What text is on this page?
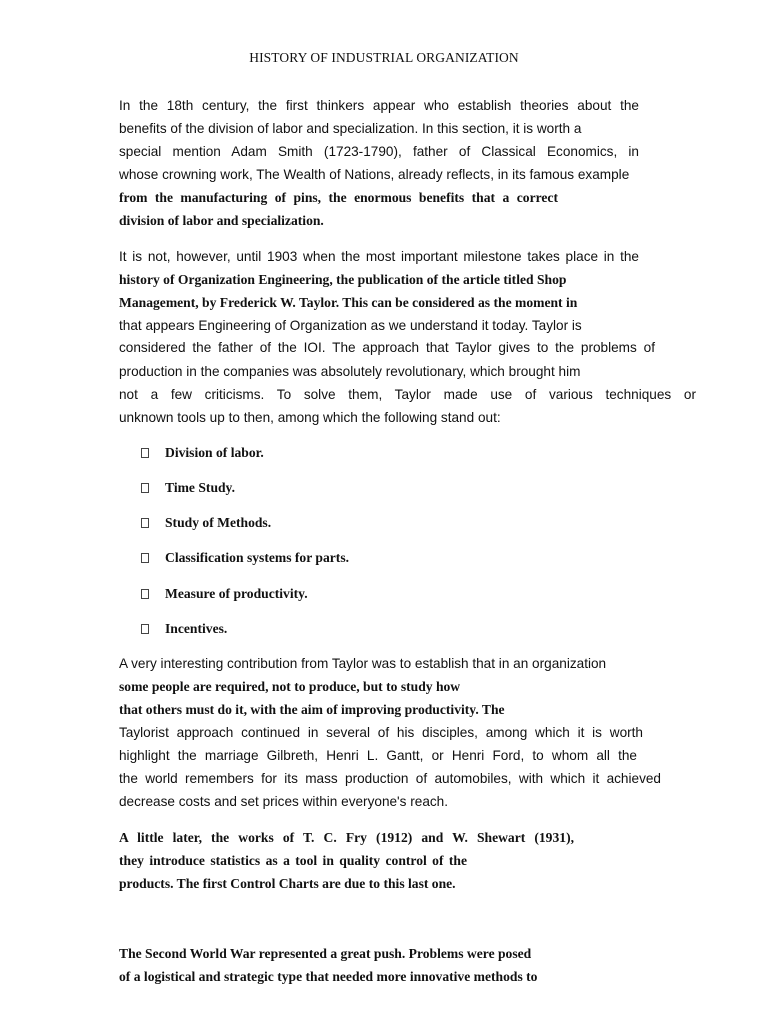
HISTORY OF INDUSTRIAL ORGANIZATION
In the 18th century, the first thinkers appear who establish theories about the
benefits of the division of labor and specialization. In this section, it is worth a
special mention Adam Smith (1723-1790), father of Classical Economics, in
whose crowning work, The Wealth of Nations, already reflects, in its famous example
from the manufacturing of pins, the enormous benefits that a correct
division of labor and specialization.
It is not, however, until 1903 when the most important milestone takes place in the
history of Organization Engineering, the publication of the article titled Shop
Management, by Frederick W. Taylor. This can be considered as the moment in
that appears Engineering of Organization as we understand it today. Taylor is
considered the father of the IOI. The approach that Taylor gives to the problems of
production in the companies was absolutely revolutionary, which brought him
not a few criticisms. To solve them, Taylor made use of various techniques or
unknown tools up to then, among which the following stand out:
Division of labor.
Time Study.
Study of Methods.
Classification systems for parts.
Measure of productivity.
Incentives.
A very interesting contribution from Taylor was to establish that in an organization
some people are required, not to produce, but to study how
that others must do it, with the aim of improving productivity. The
Taylorist approach continued in several of his disciples, among which it is worth
highlight the marriage Gilbreth, Henri L. Gantt, or Henri Ford, to whom all the
the world remembers for its mass production of automobiles, with which it achieved
decrease costs and set prices within everyone's reach.
A little later, the works of T. C. Fry (1912) and W. Shewart (1931),
they introduce statistics as a tool in quality control of the
products. The first Control Charts are due to this last one.
The Second World War represented a great push. Problems were posed
of a logistical and strategic type that needed more innovative methods to
